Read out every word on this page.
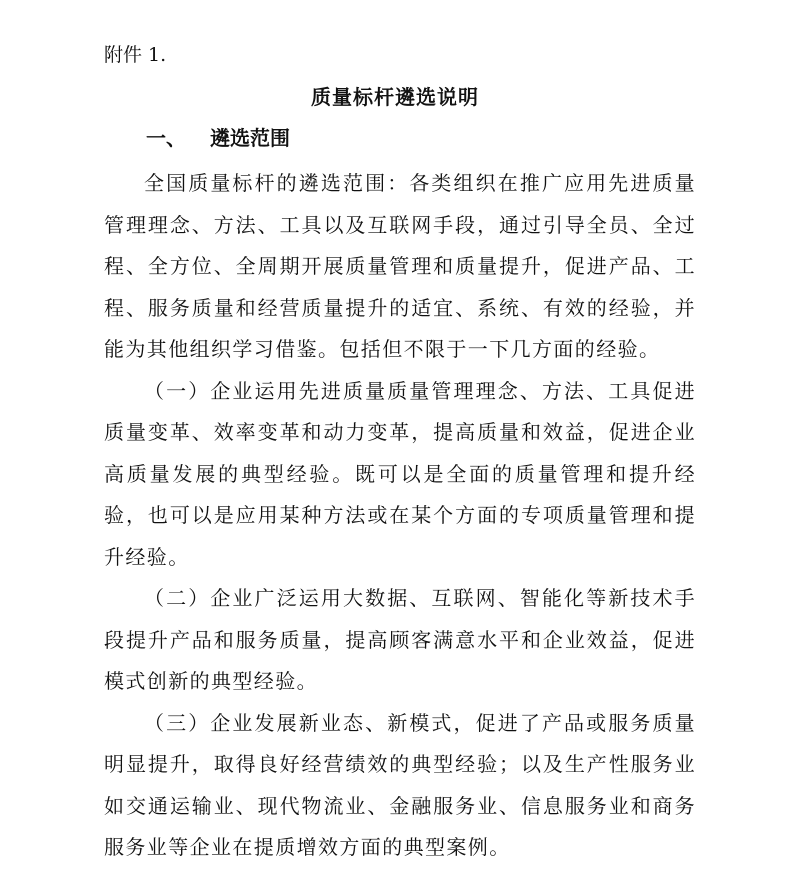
附件 1.
质量标杆遴选说明
一、 遴选范围

全国质量标杆的遴选范围：各类组织在推广应用先进质量管理理念、方法、工具以及互联网手段，通过引导全员、全过程、全方位、全周期开展质量管理和质量提升，促进产品、工程、服务质量和经营质量提升的适宜、系统、有效的经验，并能为其他组织学习借鉴。包括但不限于一下几方面的经验。

（一）企业运用先进质量质量管理理念、方法、工具促进质量变革、效率变革和动力变革，提高质量和效益，促进企业高质量发展的典型经验。既可以是全面的质量管理和提升经验，也可以是应用某种方法或在某个方面的专项质量管理和提升经验。

（二）企业广泛运用大数据、互联网、智能化等新技术手段提升产品和服务质量，提高顾客满意水平和企业效益，促进模式创新的典型经验。

（三）企业发展新业态、新模式，促进了产品或服务质量明显提升，取得良好经营绩效的典型经验；以及生产性服务业如交通运输业、现代物流业、金融服务业、信息服务业和商务服务业等企业在提质增效方面的典型案例。
